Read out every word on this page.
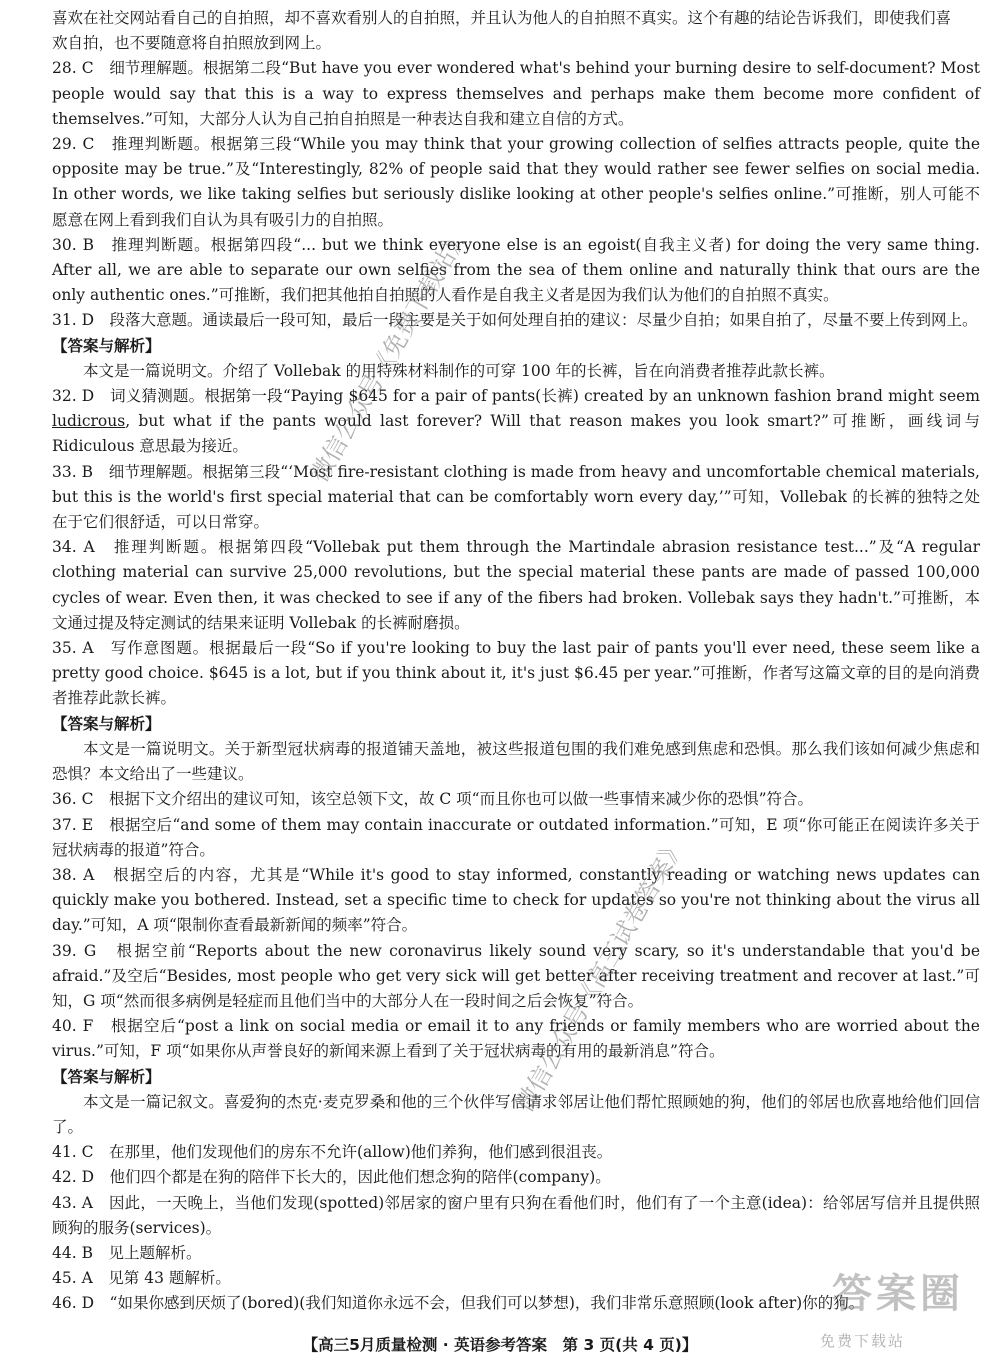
喜欢在社交网站看自己的自拍照，却不喜欢看别人的自拍照，并且认为他人的自拍照不真实。这个有趣的结论告诉我们，即使我们喜
欢自拍，也不要随意将自拍照放到网上。
28. C　 细节理解题。根据第二段“But have you ever wondered what's behind your burning desire to self-document? Most people would say that this is a way to express themselves and perhaps make them become more confident of themselves.”可知，大部分人认为自己拍自拍照是一种表达自我和建立自信的方式。
29. C　 推理判断题。根据第三段“While you may think that your growing collection of selfies attracts people, quite the opposite may be true.”及“Interestingly, 82% of people said that they would rather see fewer selfies on social media. In other words, we like taking selfies but seriously dislike looking at other people's selfies online.”可推断，别人可能不愿意在网上看到我们自认为具有吸引力的自拍照。
30. B　 推理判断题。根据第四段“... but we think everyone else is an egoist(自我主义者) for doing the very same thing. After all, we are able to separate our own selfies from the sea of them online and naturally think that ours are the only authentic ones.”可推断，我们把其他拍自拍照的人看作是自我主义者是因为我们认为他们的自拍照不真实。
31. D　 段落大意题。通读最后一段可知，最后一段主要是关于如何处理自拍的建议：尽量少自拍；如果自拍了，尽量不要上传到网上。
【答案与解析】
本文是一篇说明文。介绍了 Vollebak 的用特殊材料制作的可穿 100 年的长裤，旨在向消费者推荐此款长裤。
32. D　 词义猜测题。根据第一段“Paying $645 for a pair of pants(长裤) created by an unknown fashion brand might seem ludicrous, but what if the pants would last forever? Will that reason makes you look smart?”可推断，画线词与 Ridiculous 意思最为接近。
33. B　 细节理解题。根据第三段“‘Most fire-resistant clothing is made from heavy and uncomfortable chemical materials, but this is the world's first special material that can be comfortably worn every day,’”可知，Vollebak 的长裤的独特之处在于它们很舒适，可以日常穿。
34. A　 推理判断题。根据第四段“Vollebak put them through the Martindale abrasion resistance test...”及“A regular clothing material can survive 25,000 revolutions, but the special material these pants are made of passed 100,000 cycles of wear. Even then, it was checked to see if any of the fibers had broken. Vollebak says they hadn't.”可推断，本文通过提及特定测试的结果来证明 Vollebak 的长裤耐磨损。
35. A　 写作意图题。根据最后一段“So if you're looking to buy the last pair of pants you'll ever need, these seem like a pretty good choice. $645 is a lot, but if you think about it, it's just $6.45 per year.”可推断，作者写这篇文章的目的是向消费者推荐此款长裤。
【答案与解析】
本文是一篇说明文。关于新型冠状病毒的报道铺天盖地，被这些报道包围的我们难免感到焦虑和恐惧。那么我们该如何减少焦虑和恐惧？本文给出了一些建议。
36. C　 根据下文介绍出的建议可知，该空总领下文，故 C 项“而且你也可以做一些事情来减少你的恐惧”符合。
37. E　 根据空后“and some of them may contain inaccurate or outdated information.”可知，E 项“你可能正在阅读许多关于冠状病毒的报道”符合。
38. A　 根据空后的内容，尤其是“While it's good to stay informed, constantly reading or watching news updates can quickly make you bothered. Instead, set a specific time to check for updates so you're not thinking about the virus all day.”可知，A 项“限制你查看最新新闻的频率”符合。
39. G　 根据空前“Reports about the new coronavirus likely sound very scary, so it's understandable that you'd be afraid.”及空后“Besides, most people who get very sick will get better after receiving treatment and recover at last.”可知，G 项“然而很多病例是轻症而且他们当中的大部分人在一段时间之后会恢复”符合。
40. F　 根据空后“post a link on social media or email it to any friends or family members who are worried about the virus.”可知，F 项“如果你从声誉良好的新闻来源上看到了关于冠状病毒的有用的最新消息”符合。
【答案与解析】
本文是一篇记叙文。喜爱狗的杰克·麦克罗桑和他的三个伙伴写信请求邻居让他们帮忙照顾她的狗，他们的邻居也欣喜地给他们回信了。
41. C　 在那里，他们发现他们的房东不允许(allow)他们养狗，他们感到很沮丧。
42. D　 他们四个都是在狗的陪伴下长大的，因此他们想念狗的陪伴(company)。
43. A　 因此，一天晚上，当他们发现(spotted)邻居家的窗户里有只狗在看他们时，他们有了一个主意(idea)：给邻居写信并且提供照顾狗的服务(services)。
44. B　 见上题解析。
45. A　 见第 43 题解析。
46. D　 “如果你感到厌烦了(bored)(我们知道你永远不会，但我们可以梦想)，我们非常乐意照顾(look after)你的狗。
微信公众号《免费下载站》
微信公众号《高三试卷答案》
答案圈
免费下载站
【高三5月质量检测 · 英语参考答案　第 3 页(共 4 页)】
